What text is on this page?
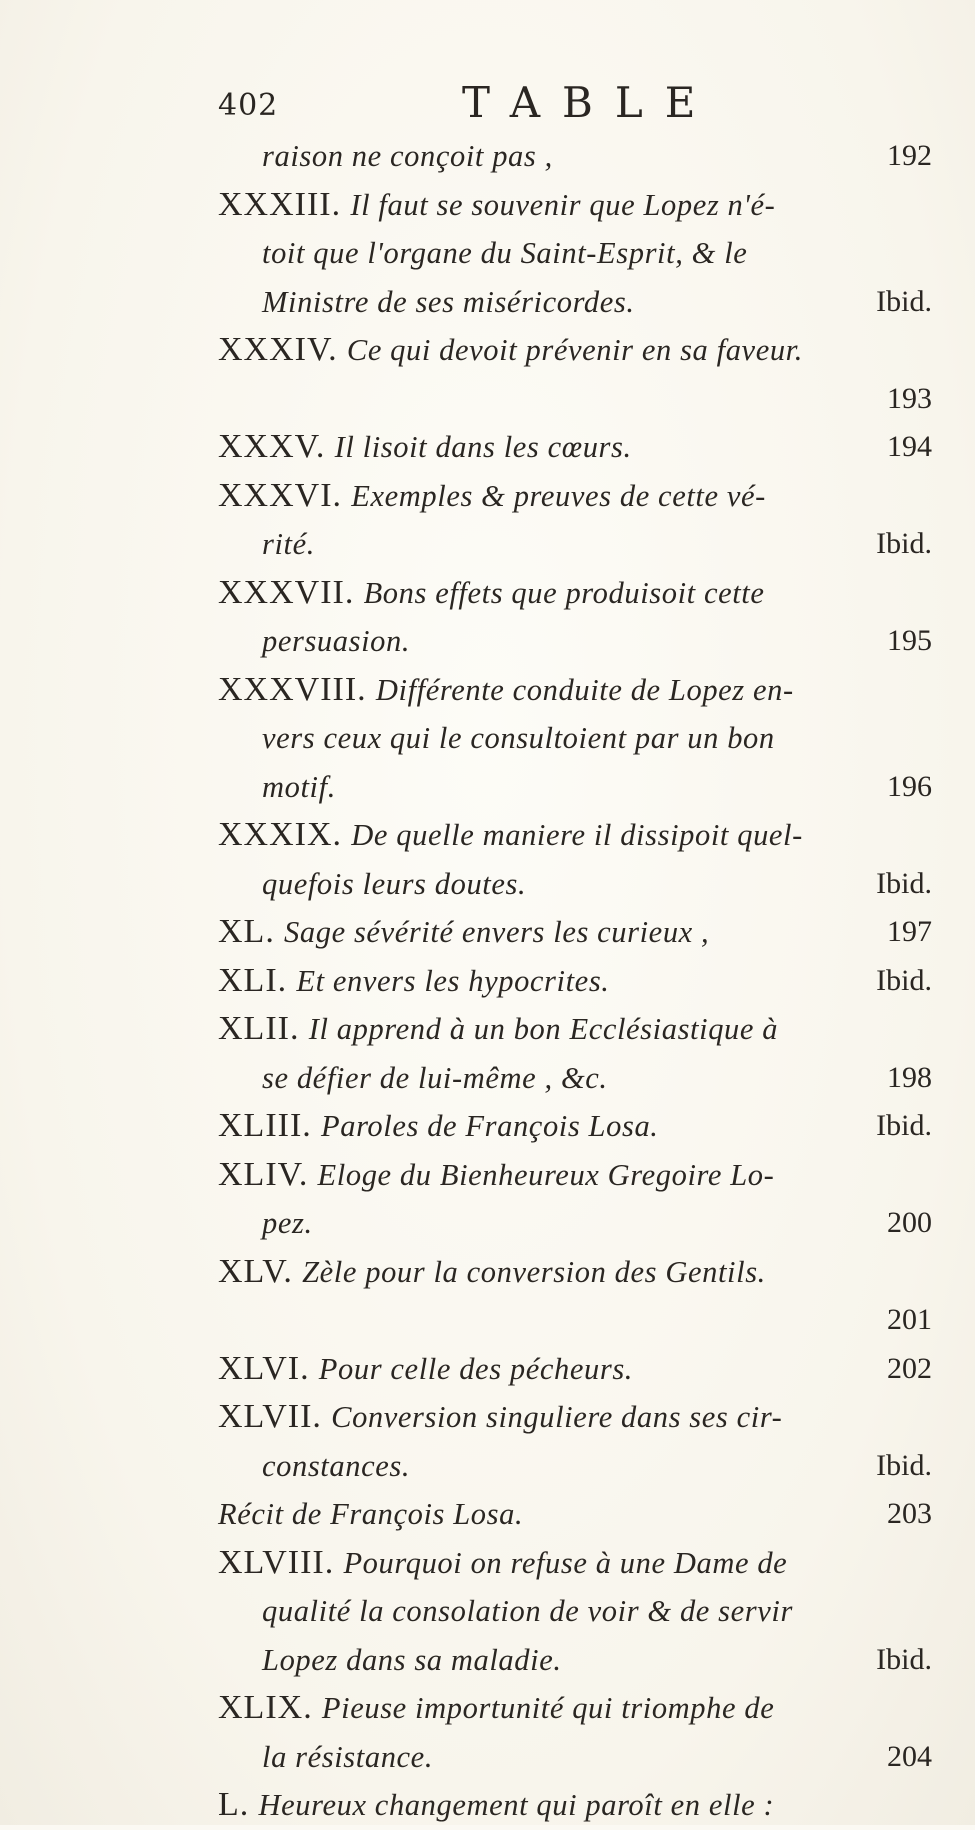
402	TABLE
raison ne conçoit pas ,	192
XXXIII. Il faut se souvenir que Lopez n'é-
toit que l'organe du Saint-Esprit, & le
Ministre de ses miséricordes.	Ibid.
XXXIV. Ce qui devoit prévenir en sa faveur.
193
XXXV. Il lisoit dans les cœurs.	194
XXXVI. Exemples & preuves de cette vé-
rité.	Ibid.
XXXVII. Bons effets que produisoit cette
persuasion.	195
XXXVIII. Différente conduite de Lopez en-
vers ceux qui le consultoient par un bon
motif.	196
XXXIX. De quelle maniere il dissipoit quel-
quefois leurs doutes.	Ibid.
XL. Sage sévérité envers les curieux ,	197
XLI. Et envers les hypocrites.	Ibid.
XLII. Il apprend à un bon Ecclésiastique à
se défier de lui-même , &c.	198
XLIII. Paroles de François Losa.	Ibid.
XLIV. Eloge du Bienheureux Gregoire Lo-
pez.	200
XLV. Zèle pour la conversion des Gentils.
201
XLVI. Pour celle des pécheurs.	202
XLVII. Conversion singuliere dans ses cir-
constances.	Ibid.
Récit de François Losa.	203
XLVIII. Pourquoi on refuse à une Dame de
qualité la consolation de voir & de servir
Lopez dans sa maladie.	Ibid.
XLIX. Pieuse importunité qui triomphe de
la résistance.	204
L. Heureux changement qui paroît en elle :
